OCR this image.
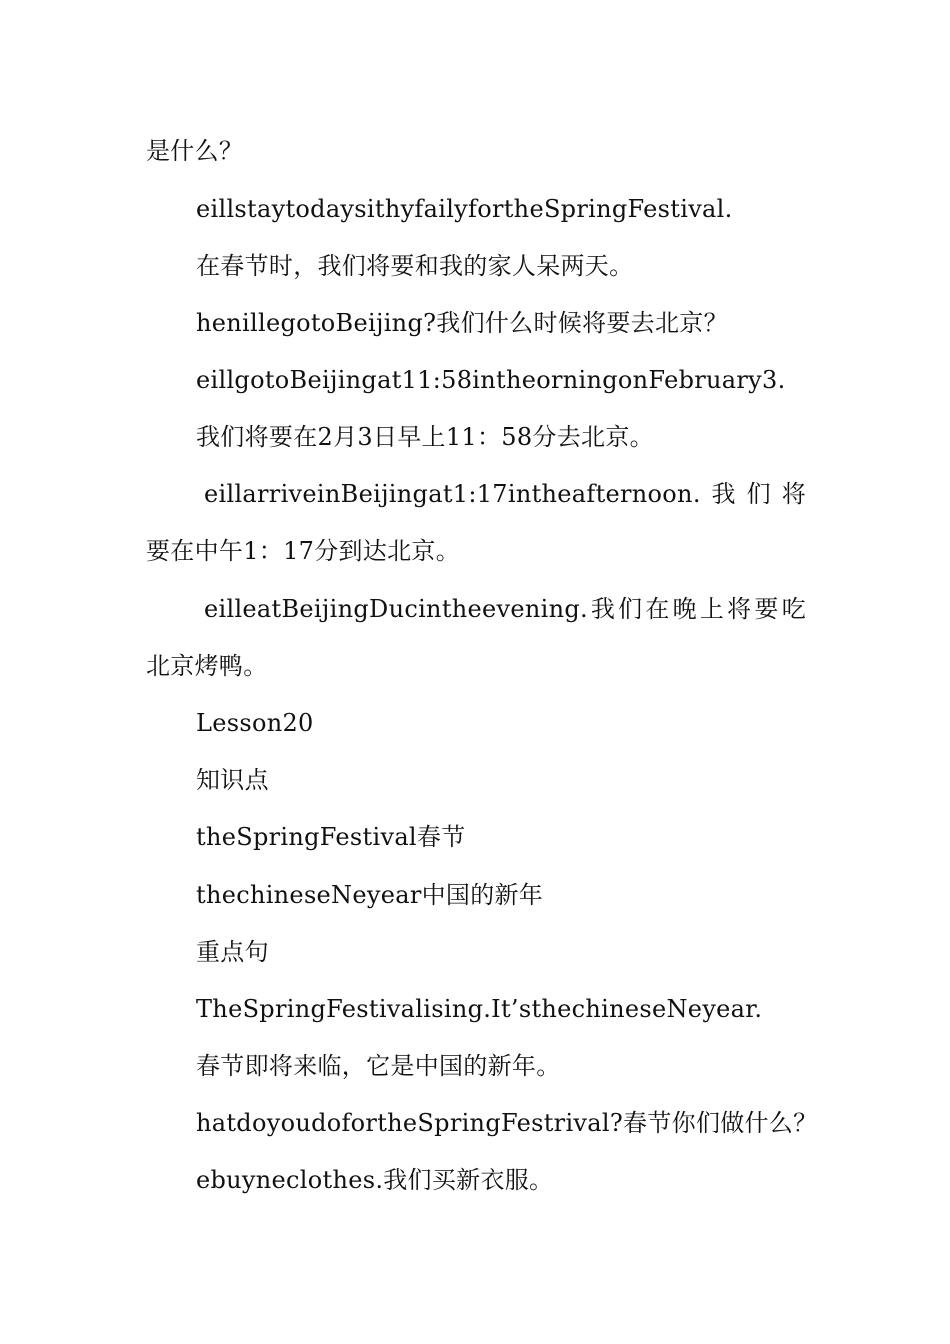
是什么？
eillstaytodaysithyfailyfortheSpringFestival.
在春节时，我们将要和我的家人呆两天。
henillegotoBeijing?我们什么时候将要去北京？
eillgotoBeijingat11:58intheorningonFebruary3.
我们将要在2月3日早上11：58分去北京。
eillarriveinBeijingat1:17intheafternoon.我们将
要在中午1：17分到达北京。
eilleatBeijingDucintheevening.我们在晚上将要吃
北京烤鸭。
Lesson20
知识点
theSpringFestival春节
thechineseNeyear中国的新年
重点句
TheSpringFestivalising.It’sthechineseNeyear.
春节即将来临，它是中国的新年。
hatdoyoudofortheSpringFestrival?春节你们做什么？
ebuyneclothes.我们买新衣服。
